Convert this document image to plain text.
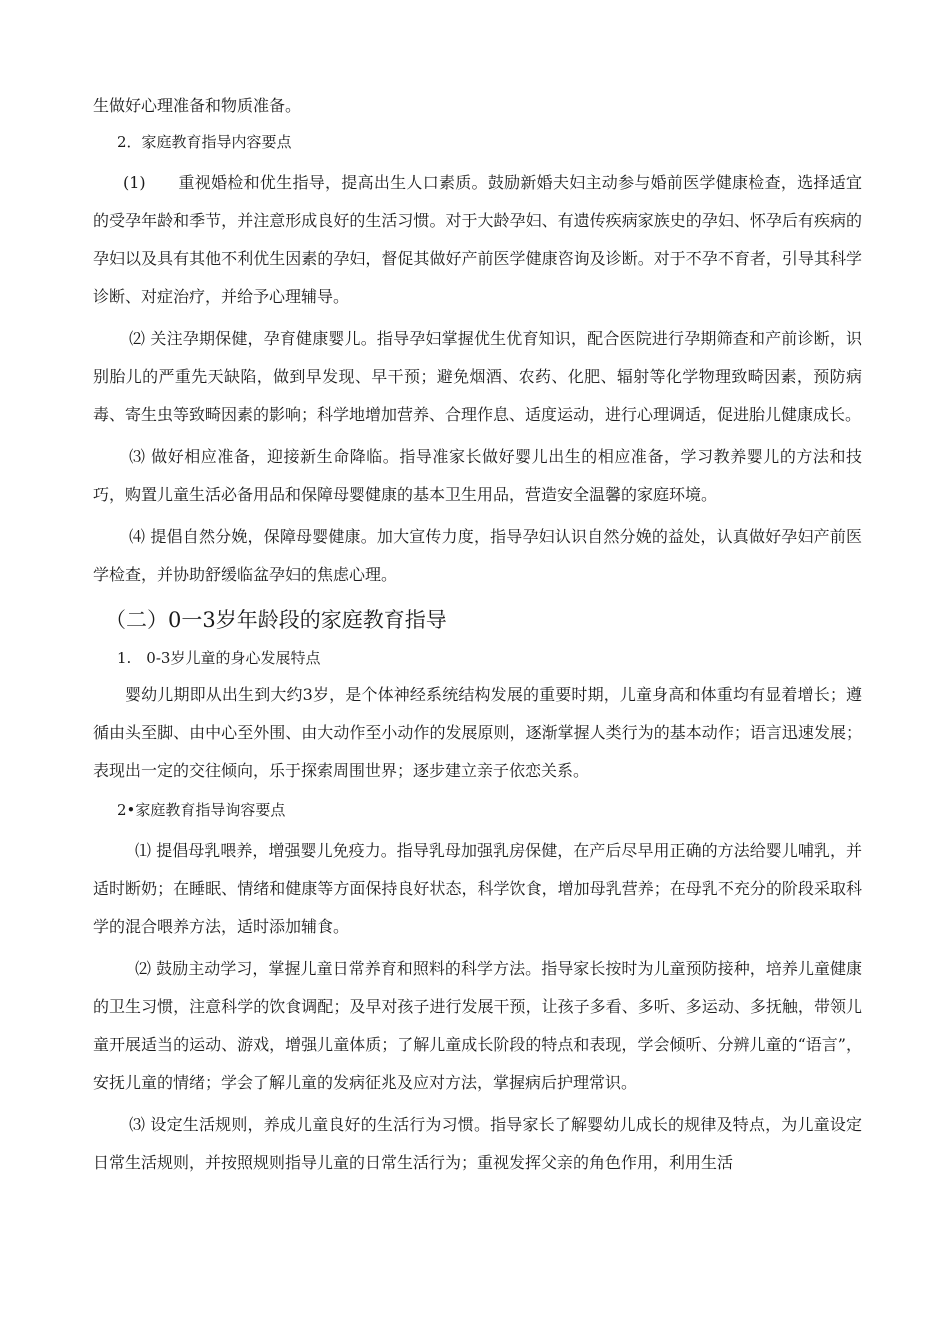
生做好心理准备和物质准备。

2．家庭教育指导内容要点

(1)　　重视婚检和优生指导，提高出生人口素质。鼓励新婚夫妇主动参与婚前医学健康检查，选择适宜的受孕年龄和季节，并注意形成良好的生活习惯。对于大龄孕妇、有遗传疾病家族史的孕妇、怀孕后有疾病的孕妇以及具有其他不利优生因素的孕妇，督促其做好产前医学健康咨询及诊断。对于不孕不育者，引导其科学诊断、对症治疗，并给予心理辅导。

⑵ 关注孕期保健，孕育健康婴儿。指导孕妇掌握优生优育知识，配合医院进行孕期筛查和产前诊断，识别胎儿的严重先天缺陷，做到早发现、早干预；避免烟酒、农药、化肥、辐射等化学物理致畸因素，预防病毒、寄生虫等致畸因素的影响；科学地增加营养、合理作息、适度运动，进行心理调适，促进胎儿健康成长。

⑶ 做好相应准备，迎接新生命降临。指导准家长做好婴儿出生的相应准备，学习教养婴儿的方法和技巧，购置儿童生活必备用品和保障母婴健康的基本卫生用品，营造安全温馨的家庭环境。

⑷ 提倡自然分娩，保障母婴健康。加大宣传力度，指导孕妇认识自然分娩的益处，认真做好孕妇产前医学检查，并协助舒缓临盆孕妇的焦虑心理。

（二）0一3岁年龄段的家庭教育指导

1.　0-3岁儿童的身心发展特点

婴幼儿期即从出生到大约3岁，是个体神经系统结构发展的重要时期，儿童身高和体重均有显着增长；遵循由头至脚、由中心至外围、由大动作至小动作的发展原则，逐渐掌握人类行为的基本动作；语言迅速发展；表现出一定的交往倾向，乐于探索周围世界；逐步建立亲子依恋关系。

2•家庭教育指导询容要点

⑴ 提倡母乳喂养，增强婴儿免疫力。指导乳母加强乳房保健，在产后尽早用正确的方法给婴儿哺乳，并适时断奶；在睡眠、情绪和健康等方面保持良好状态，科学饮食，增加母乳营养；在母乳不充分的阶段采取科学的混合喂养方法，适时添加辅食。

⑵ 鼓励主动学习，掌握儿童日常养育和照料的科学方法。指导家长按时为儿童预防接种，培养儿童健康的卫生习惯，注意科学的饮食调配；及早对孩子进行发展干预，让孩子多看、多听、多运动、多抚触，带领儿童开展适当的运动、游戏，增强儿童体质；了解儿童成长阶段的特点和表现，学会倾听、分辨儿童的“语言”，安抚儿童的情绪；学会了解儿童的发病征兆及应对方法，掌握病后护理常识。

⑶ 设定生活规则，养成儿童良好的生活行为习惯。指导家长了解婴幼儿成长的规律及特点，为儿童设定日常生活规则，并按照规则指导儿童的日常生活行为；重视发挥父亲的角色作用，利用生活
